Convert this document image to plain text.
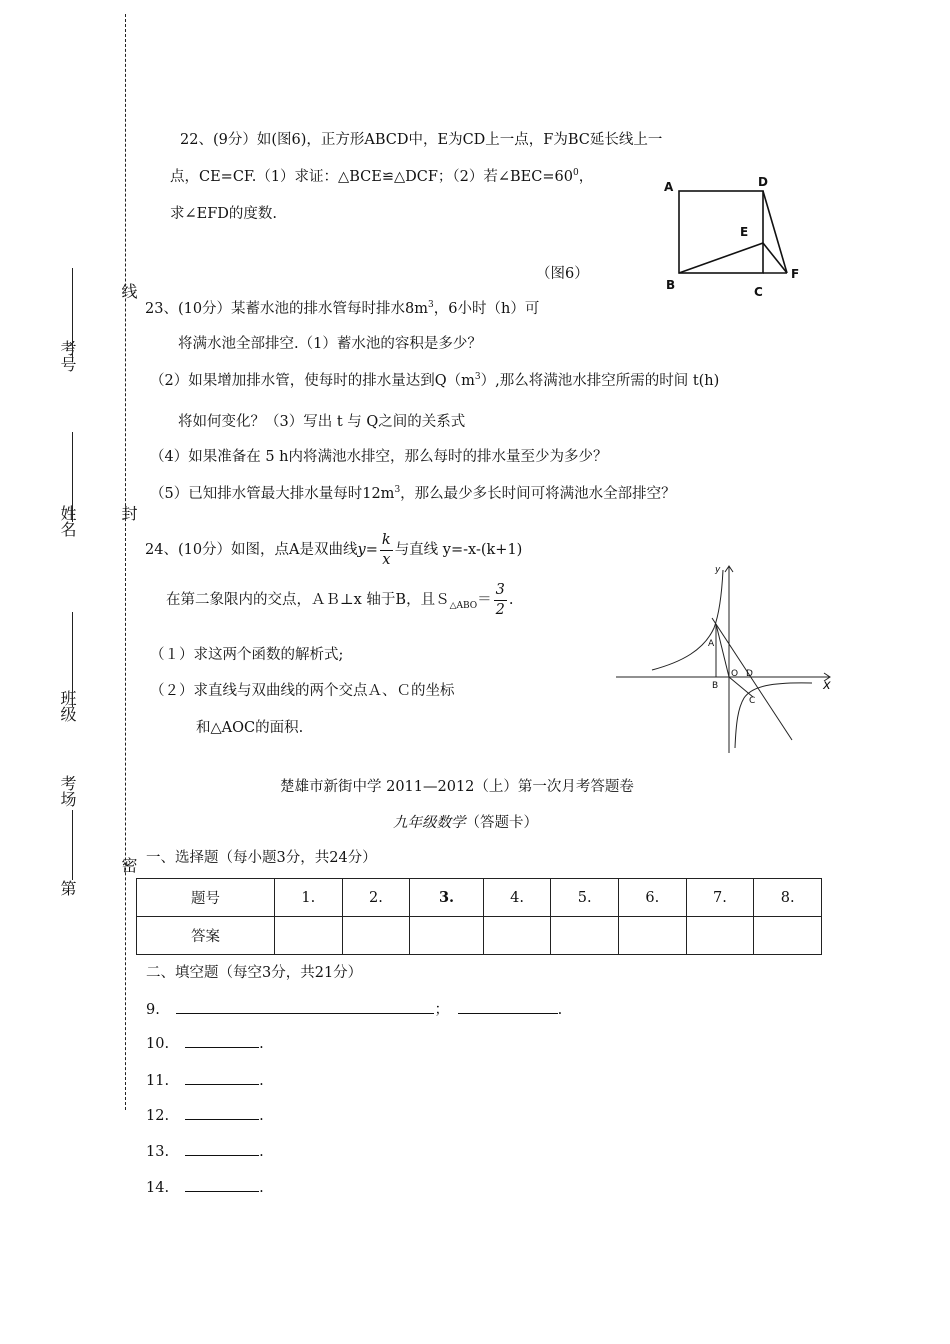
线
封
密
考号
姓名
班级
考场
第
22、(9分）如(图6)，正方形ABCD中，E为CD上一点，F为BC延长线上一
点，CE=CF.（1）求证：△BCE≌△DCF；（2）若$\angle BEC=60^0$，
求∠EFD的度数.
（图6）
A	D
E
B	C
F
23、(10分）某蓄水池的排水管每时排水$8m^3$，6小时（h）可
将满水池全部排空.（1）蓄水池的容积是多少？
（2）如果增加排水管，使每时的排水量达到$Q(m^3)$,那么将满池水排空所需的时间 t(h)
将如何变化？（3）写出 t 与 Q之间的关系式
（4）如果准备在 5 h内将满池水排空，那么每时的排水量至少为多少？
（5）已知排水管最大排水量每时$12m^3$，那么最少多长时间可将满池水全部排空？
24、(10分）如图，点A是双曲线$y= \frac{k}{x}$ 与直线 y=-x-(k+1)
在第二象限内的交点，ＡＢ⊥x 轴于B，且Ｓ$_{\triangle ABO}$＝ $\frac{3}{2}$ .
（１）求这两个函数的解析式;
（２）求直线与双曲线的两个交点Ａ、Ｃ的坐标
和△AOC的面积.
y
x
A
B
O D
C
楚雄市新街中学 2011—2012（上）第一次月考答题卷
九年级数学（答题卡）
一、选择题（每小题3分，共24分）
题号	1.	2.	3.	4.	5.	6.	7.	8.
答案								
二、填空题（每空3分，共21分）
9.	；	.
10.	.
11.	.
12.	.
13.	.
14.	.
